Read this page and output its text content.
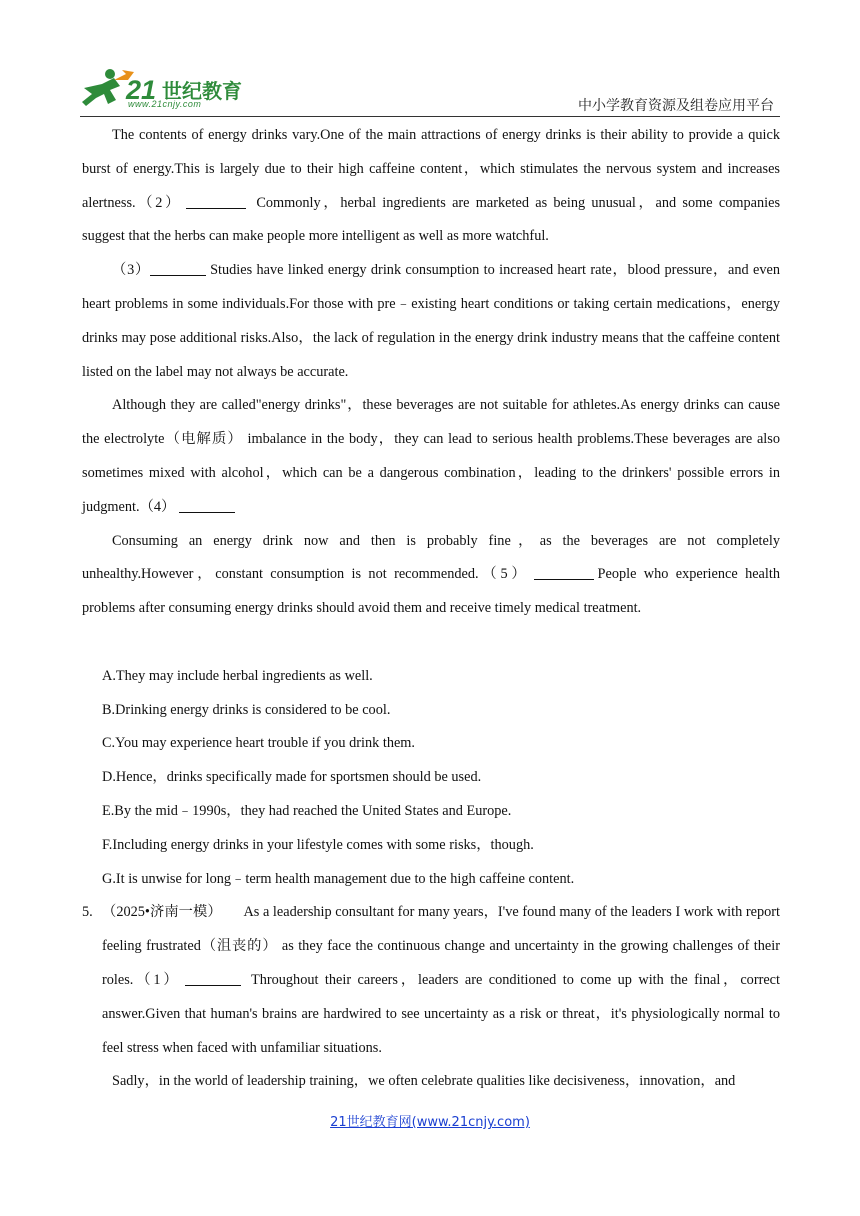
21 世纪教育
www.21cnjy.com	中小学教育资源及组卷应用平台

The contents of energy drinks vary.One of the main attractions of energy drinks is their ability to provide a quick burst of energy.This is largely due to their high caffeine content，which stimulates the nervous system and increases alertness.（2）	Commonly，herbal ingredients are marketed as being unusual，and some companies suggest that the herbs can make people more intelligent as well as more watchful.

（3）	Studies have linked energy drink consumption to increased heart rate，blood pressure，and even heart problems in some individuals.For those with pre﹣existing heart conditions or taking certain medications，energy drinks may pose additional risks.Also，the lack of regulation in the energy drink industry means that the caffeine content listed on the label may not always be accurate.

Although they are called"energy drinks"，these beverages are not suitable for athletes.As energy drinks can cause the electrolyte（电解质） imbalance in the body，they can lead to serious health problems.These beverages are also sometimes mixed with alcohol，which can be a dangerous combination，leading to the drinkers' possible errors in judgment.（4）

Consuming an energy drink now and then is probably fine，as the beverages are not completely unhealthy.However，constant consumption is not recommended.（5）	People who experience health problems after consuming energy drinks should avoid them and receive timely medical treatment.

A.They may include herbal ingredients as well.
B.Drinking energy drinks is considered to be cool.
C.You may experience heart trouble if you drink them.
D.Hence，drinks specifically made for sportsmen should be used.
E.By the mid﹣1990s，they had reached the United States and Europe.
F.Including energy drinks in your lifestyle comes with some risks，though.
G.It is unwise for long﹣term health management due to the high caffeine content.
5. （2025•济南一模） As a leadership consultant for many years，I've found many of the leaders I work with report feeling frustrated（沮丧的） as they face the continuous change and uncertainty in the growing challenges of their roles.（1）	Throughout their careers，leaders are conditioned to come up with the final，correct answer.Given that human's brains are hardwired to see uncertainty as a risk or threat，it's physiologically normal to feel stress when faced with unfamiliar situations.
Sadly，in the world of leadership training，we often celebrate qualities like decisiveness，innovation，and
21世纪教育网(www.21cnjy.com)
